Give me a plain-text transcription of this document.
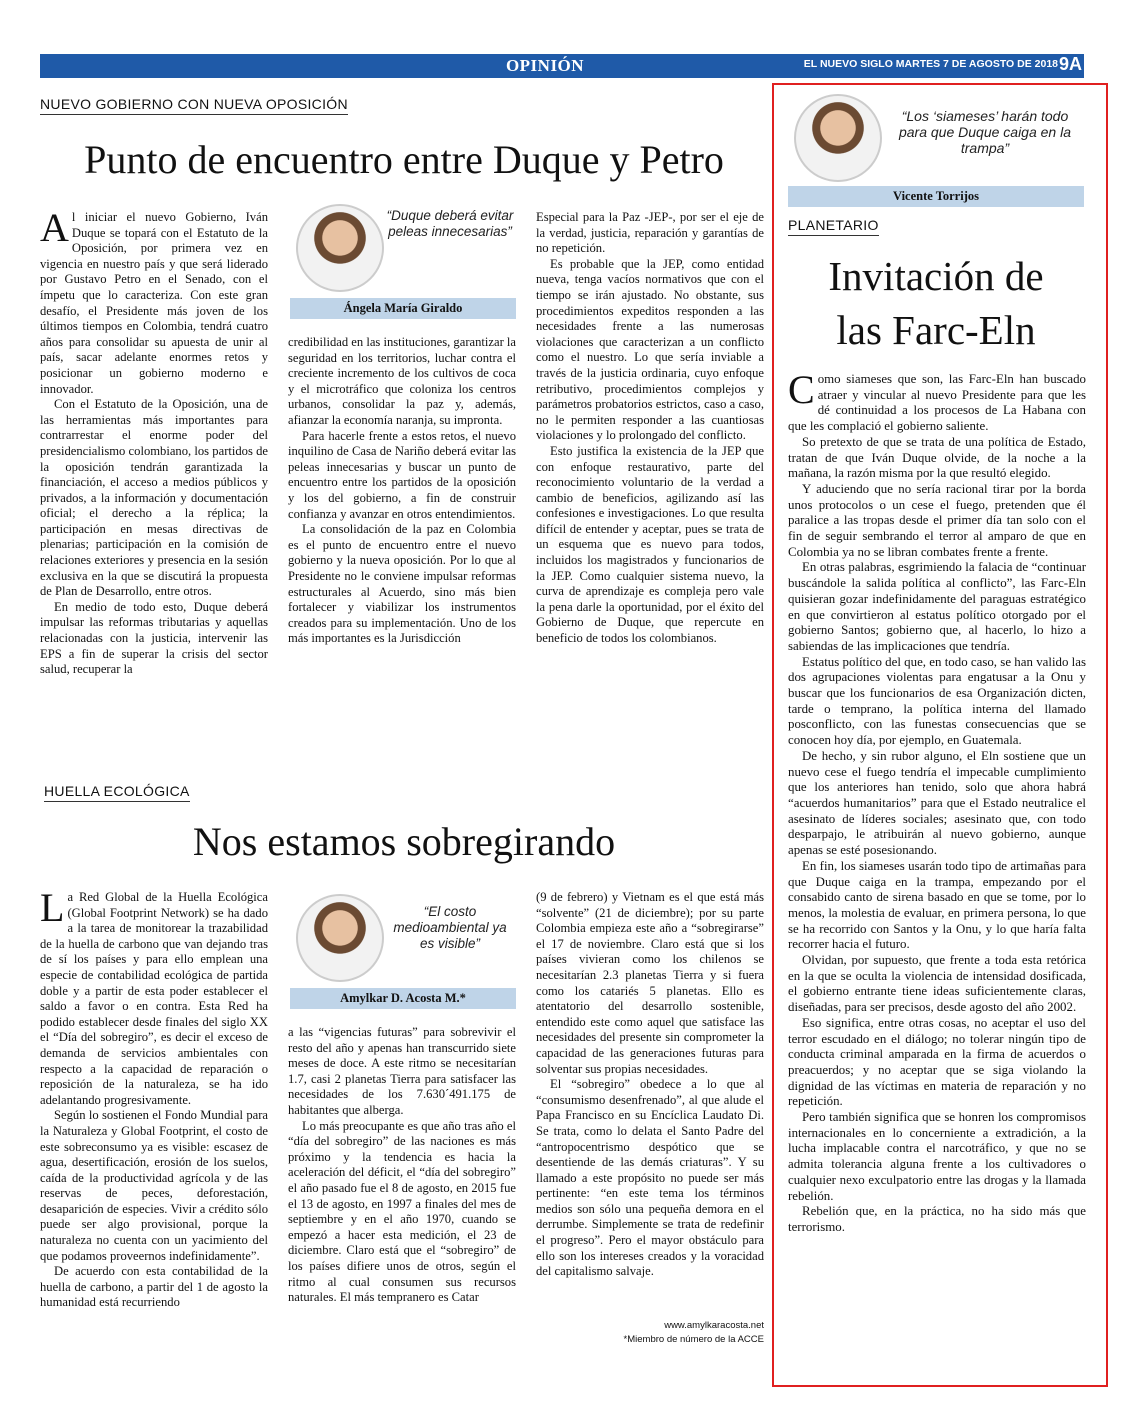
OPINIÓN	EL NUEVO SIGLO MARTES 7 DE AGOSTO DE 2018 9A
NUEVO GOBIERNO CON NUEVA OPOSICIÓN
Punto de encuentro entre Duque y Petro

Al iniciar el nuevo Gobierno, Iván Duque se topará con el Estatuto de la Oposición, por primera vez en vigencia en nuestro país y que será liderado por Gustavo Petro en el Senado, con el ímpetu que lo caracteriza. Con este gran desafío, el Presidente más joven de los últimos tiempos en Colombia, tendrá cuatro años para consolidar su apuesta de unir al país, sacar adelante enormes retos y posicionar un gobierno moderno e innovador.

Con el Estatuto de la Oposición, una de las herramientas más importantes para contrarrestar el enorme poder del presidencialismo colombiano, los partidos de la oposición tendrán garantizada la financiación, el acceso a medios públicos y privados, a la información y documentación oficial; el derecho a la réplica; la participación en mesas directivas de plenarias; participación en la comisión de relaciones exteriores y presencia en la sesión exclusiva en la que se discutirá la propuesta de Plan de Desarrollo, entre otros.

En medio de todo esto, Duque deberá impulsar las reformas tributarias y aquellas relacionadas con la justicia, intervenir las EPS a fin de superar la crisis del sector salud, recuperar la

“Duque deberá evitar peleas innecesarias”
Ángela María Giraldo

credibilidad en las instituciones, garantizar la seguridad en los territorios, luchar contra el creciente incremento de los cultivos de coca y el microtráfico que coloniza los centros urbanos, consolidar la paz y, además, afianzar la economía naranja, su impronta.

Para hacerle frente a estos retos, el nuevo inquilino de Casa de Nariño deberá evitar las peleas innecesarias y buscar un punto de encuentro entre los partidos de la oposición y los del gobierno, a fin de construir confianza y avanzar en otros entendimientos.

La consolidación de la paz en Colombia es el punto de encuentro entre el nuevo gobierno y la nueva oposición. Por lo que al Presidente no le conviene impulsar reformas estructurales al Acuerdo, sino más bien fortalecer y viabilizar los instrumentos creados para su implementación. Uno de los más importantes es la Jurisdicción

Especial para la Paz -JEP-, por ser el eje de la verdad, justicia, reparación y garantías de no repetición.

Es probable que la JEP, como entidad nueva, tenga vacíos normativos que con el tiempo se irán ajustado. No obstante, sus procedimientos expeditos responden a las necesidades frente a las numerosas violaciones que caracterizan a un conflicto como el nuestro. Lo que sería inviable a través de la justicia ordinaria, cuyo enfoque retributivo, procedimientos complejos y parámetros probatorios estrictos, caso a caso, no le permiten responder a las cuantiosas violaciones y lo prolongado del conflicto.

Esto justifica la existencia de la JEP que con enfoque restaurativo, parte del reconocimiento voluntario de la verdad a cambio de beneficios, agilizando así las confesiones e investigaciones. Lo que resulta difícil de entender y aceptar, pues se trata de un esquema que es nuevo para todos, incluidos los magistrados y funcionarios de la JEP. Como cualquier sistema nuevo, la curva de aprendizaje es compleja pero vale la pena darle la oportunidad, por el éxito del Gobierno de Duque, que repercute en beneficio de todos los colombianos.

HUELLA ECOLÓGICA
Nos estamos sobregirando

La Red Global de la Huella Ecológica (Global Footprint Network) se ha dado a la tarea de monitorear la trazabilidad de la huella de carbono que van dejando tras de sí los países y para ello emplean una especie de contabilidad ecológica de partida doble y a partir de esta poder establecer el saldo a favor o en contra. Esta Red ha podido establecer desde finales del siglo XX el “Día del sobregiro”, es decir el exceso de demanda de servicios ambientales con respecto a la capacidad de reparación o reposición de la naturaleza, se ha ido adelantando progresivamente.

Según lo sostienen el Fondo Mundial para la Naturaleza y Global Footprint, el costo de este sobreconsumo ya es visible: escasez de agua, desertificación, erosión de los suelos, caída de la productividad agrícola y de las reservas de peces, deforestación, desaparición de especies. Vivir a crédito sólo puede ser algo provisional, porque la naturaleza no cuenta con un yacimiento del que podamos proveernos indefinidamente”.

De acuerdo con esta contabilidad de la huella de carbono, a partir del 1 de agosto la humanidad está recurriendo

“El costo medioambiental ya es visible”
Amylkar D. Acosta M.*

a las “vigencias futuras” para sobrevivir el resto del año y apenas han transcurrido siete meses de doce. A este ritmo se necesitarían 1.7, casi 2 planetas Tierra para satisfacer las necesidades de los 7.630´491.175 de habitantes que alberga.

Lo más preocupante es que año tras año el “día del sobregiro” de las naciones es más próximo y la tendencia es hacia la aceleración del déficit, el “día del sobregiro” el año pasado fue el 8 de agosto, en 2015 fue el 13 de agosto, en 1997 a finales del mes de septiembre y en el año 1970, cuando se empezó a hacer esta medición, el 23 de diciembre. Claro está que el “sobregiro” de los países difiere unos de otros, según el ritmo al cual consumen sus recursos naturales. El más tempranero es Catar

(9 de febrero) y Vietnam es el que está más “solvente” (21 de diciembre); por su parte Colombia empieza este año a “sobregirarse” el 17 de noviembre. Claro está que si los países vivieran como los chilenos se necesitarían 2.3 planetas Tierra y si fuera como los catariés 5 planetas. Ello es atentatorio del desarrollo sostenible, entendido este como aquel que satisface las necesidades del presente sin comprometer la capacidad de las generaciones futuras para solventar sus propias necesidades.

El “sobregiro” obedece a lo que al “consumismo desenfrenado”, al que alude el Papa Francisco en su Encíclica Laudato Di. Se trata, como lo delata el Santo Padre del “antropocentrismo despótico que se desentiende de las demás criaturas”. Y su llamado a este propósito no puede ser más pertinente: “en este tema los términos medios son sólo una pequeña demora en el derrumbe. Simplemente se trata de redefinir el progreso”. Pero el mayor obstáculo para ello son los intereses creados y la voracidad del capitalismo salvaje.

www.amylkaracosta.net
*Miembro de número de la ACCE
“Los ‘siameses’ harán todo para que Duque caiga en la trampa”
Vicente Torrijos
PLANETARIO
Invitación de
las Farc-Eln

Como siameses que son, las Farc-Eln han buscado atraer y vincular al nuevo Presidente para que les dé continuidad a los procesos de La Habana con que les complació el gobierno saliente.

So pretexto de que se trata de una política de Estado, tratan de que Iván Duque olvide, de la noche a la mañana, la razón misma por la que resultó elegido.

Y aduciendo que no sería racional tirar por la borda unos protocolos o un cese el fuego, pretenden que él paralice a las tropas desde el primer día tan solo con el fin de seguir sembrando el terror al amparo de que en Colombia ya no se libran combates frente a frente.

En otras palabras, esgrimiendo la falacia de “continuar buscándole la salida política al conflicto”, las Farc-Eln quisieran gozar indefinidamente del paraguas estratégico en que convirtieron al estatus político otorgado por el gobierno Santos; gobierno que, al hacerlo, lo hizo a sabiendas de las implicaciones que tendría.

Estatus político del que, en todo caso, se han valido las dos agrupaciones violentas para engatusar a la Onu y buscar que los funcionarios de esa Organización dicten, tarde o temprano, la política interna del llamado posconflicto, con las funestas consecuencias que se conocen hoy día, por ejemplo, en Guatemala.

De hecho, y sin rubor alguno, el Eln sostiene que un nuevo cese el fuego tendría el impecable cumplimiento que los anteriores han tenido, solo que ahora habrá “acuerdos humanitarios” para que el Estado neutralice el asesinato de líderes sociales; asesinato que, con todo desparpajo, le atribuirán al nuevo gobierno, aunque apenas se esté posesionando.

En fin, los siameses usarán todo tipo de artimañas para que Duque caiga en la trampa, empezando por el consabido canto de sirena basado en que se tome, por lo menos, la molestia de evaluar, en primera persona, lo que se ha recorrido con Santos y la Onu, y lo que haría falta recorrer hacia el futuro.

Olvidan, por supuesto, que frente a toda esta retórica en la que se oculta la violencia de intensidad dosificada, el gobierno entrante tiene ideas suficientemente claras, diseñadas, para ser precisos, desde agosto del año 2002.

Eso significa, entre otras cosas, no aceptar el uso del terror escudado en el diálogo; no tolerar ningún tipo de conducta criminal amparada en la firma de acuerdos o preacuerdos; y no aceptar que se siga violando la dignidad de las víctimas en materia de reparación y no repetición.

Pero también significa que se honren los compromisos internacionales en lo concerniente a extradición, a la lucha implacable contra el narcotráfico, y que no se admita tolerancia alguna frente a los cultivadores o cualquier nexo exculpatorio entre las drogas y la llamada rebelión.

Rebelión que, en la práctica, no ha sido más que terrorismo.
